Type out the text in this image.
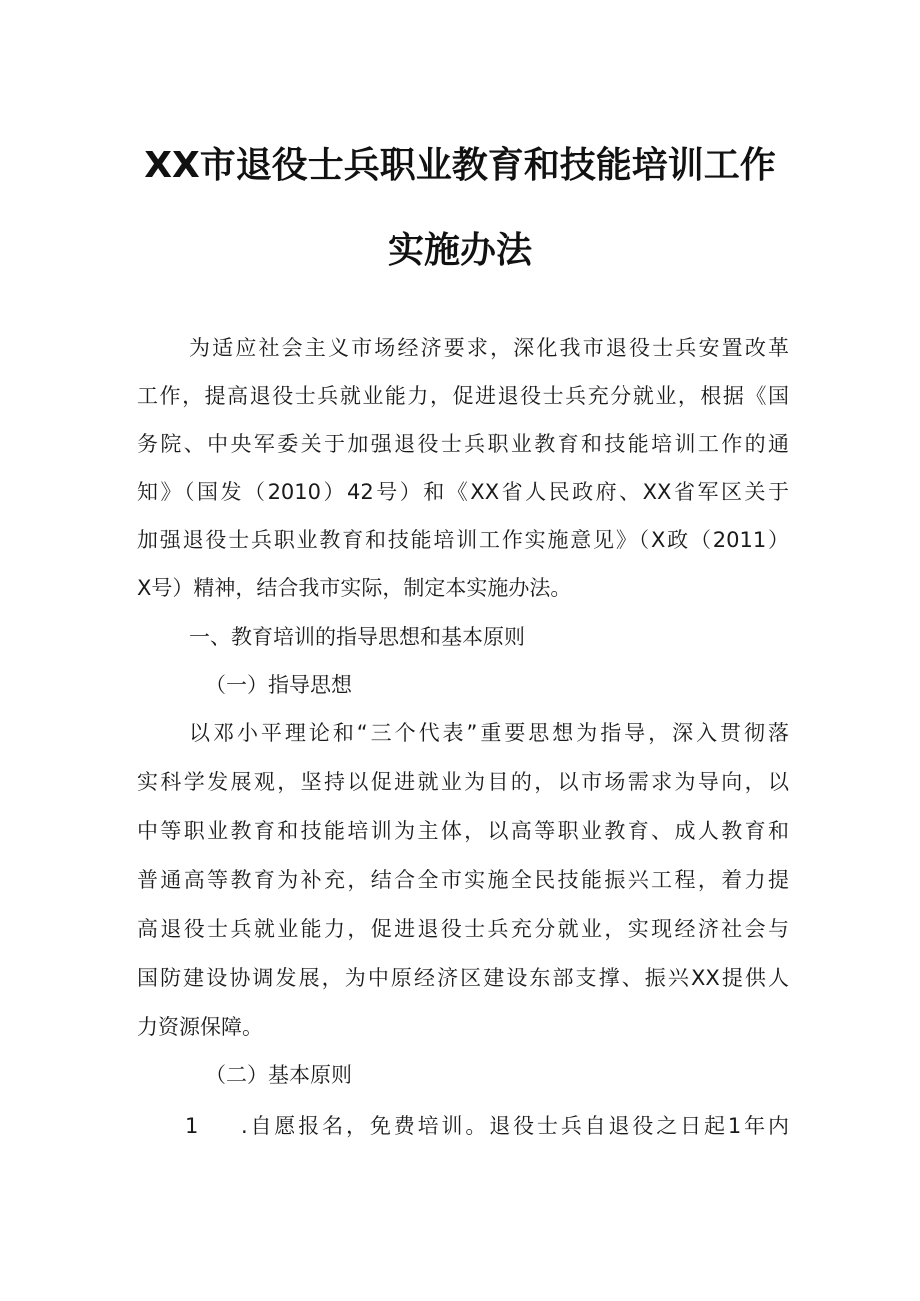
XX市退役士兵职业教育和技能培训工作
实施办法
为适应社会主义市场经济要求，深化我市退役士兵安置改革
工作，提高退役士兵就业能力，促进退役士兵充分就业，根据《国
务院、中央军委关于加强退役士兵职业教育和技能培训工作的通
知》（国发（2010）42号）和《XX省人民政府、XX省军区关于
加强退役士兵职业教育和技能培训工作实施意见》（X政（2011）
X号）精神，结合我市实际，制定本实施办法。
一、教育培训的指导思想和基本原则
（一）指导思想
以邓小平理论和“三个代表”重要思想为指导，深入贯彻落
实科学发展观，坚持以促进就业为目的，以市场需求为导向，以
中等职业教育和技能培训为主体，以高等职业教育、成人教育和
普通高等教育为补充，结合全市实施全民技能振兴工程，着力提
高退役士兵就业能力，促进退役士兵充分就业，实现经济社会与
国防建设协调发展，为中原经济区建设东部支撑、振兴XX提供人
力资源保障。
（二）基本原则
1 .自愿报名，免费培训。退役士兵自退役之日起1年内
